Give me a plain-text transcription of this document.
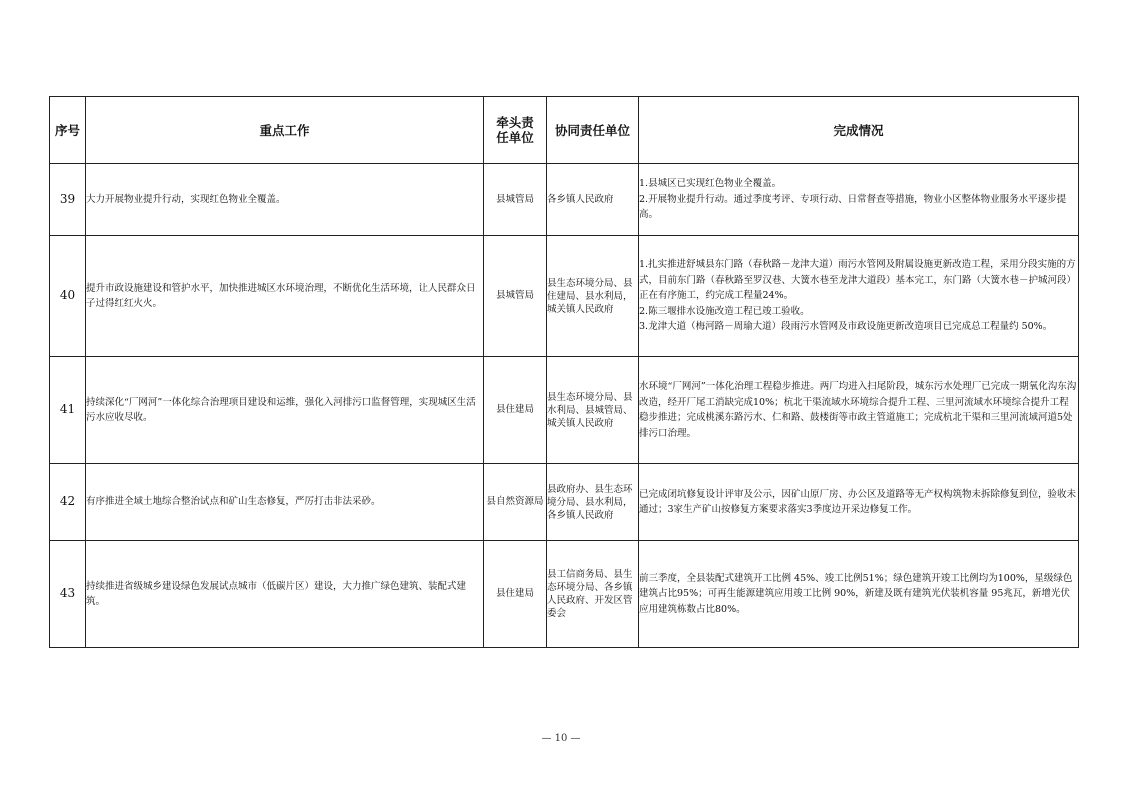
序号	重点工作	牵头责任单位	协同责任单位	完成情况
39	大力开展物业提升行动，实现红色物业全覆盖。	县城管局	各乡镇人民政府	1.县城区已实现红色物业全覆盖。
2.开展物业提升行动。通过季度考评、专项行动、日常督查等措施，物业小区整体物业服务水平逐步提高。

40	提升市政设施建设和管护水平，加快推进城区水环境治理，不断优化生活环境，让人民群众日子过得红红火火。	县城管局	县生态环境分局、县住建局、县水利局，城关镇人民政府	1.扎实推进舒城县东门路（春秋路－龙津大道）雨污水管网及附属设施更新改造工程，采用分段实施的方式，目前东门路（春秋路至罗汉巷、大簧水巷至龙津大道段）基本完工，东门路（大簧水巷－护城河段）正在有序施工，约完成工程量24%。
2.陈三堰排水设施改造工程已竣工验收。
3.龙津大道（梅河路－周瑜大道）段雨污水管网及市政设施更新改造项目已完成总工程量约 50%。

41	持续深化“厂网河”一体化综合治理项目建设和运维，强化入河排污口监督管理，实现城区生活污水应收尽收。	县住建局	县生态环境分局、县水利局、县城管局、城关镇人民政府	水环境“厂网河”一体化治理工程稳步推进。两厂均进入扫尾阶段，城东污水处理厂已完成一期氧化沟东沟改造，经开厂尾工消缺完成10%；杭北干渠流域水环境综合提升工程、三里河流域水环境综合提升工程稳步推进；完成桃溪东路污水、仁和路、鼓楼街等市政主管道施工；完成杭北干渠和三里河流域河道5处排污口治理。

42	有序推进全域土地综合整治试点和矿山生态修复，严厉打击非法采砂。	县自然资源局	县政府办、县生态环境分局、县水利局，各乡镇人民政府	已完成闭坑修复设计评审及公示，因矿山原厂房、办公区及道路等无产权构筑物未拆除修复到位，验收未通过；3家生产矿山按修复方案要求落实3季度边开采边修复工作。

43	持续推进省级城乡建设绿色发展试点城市（低碳片区）建设，大力推广绿色建筑、装配式建筑。	县住建局	县工信商务局、县生态环境分局、各乡镇人民政府、开发区管委会	前三季度，全县装配式建筑开工比例 45%、竣工比例51%；绿色建筑开竣工比例均为100%，星级绿色建筑占比95%；可再生能源建筑应用竣工比例 90%，新建及既有建筑光伏装机容量 95兆瓦，新增光伏应用建筑栋数占比80%。
— 10 —
